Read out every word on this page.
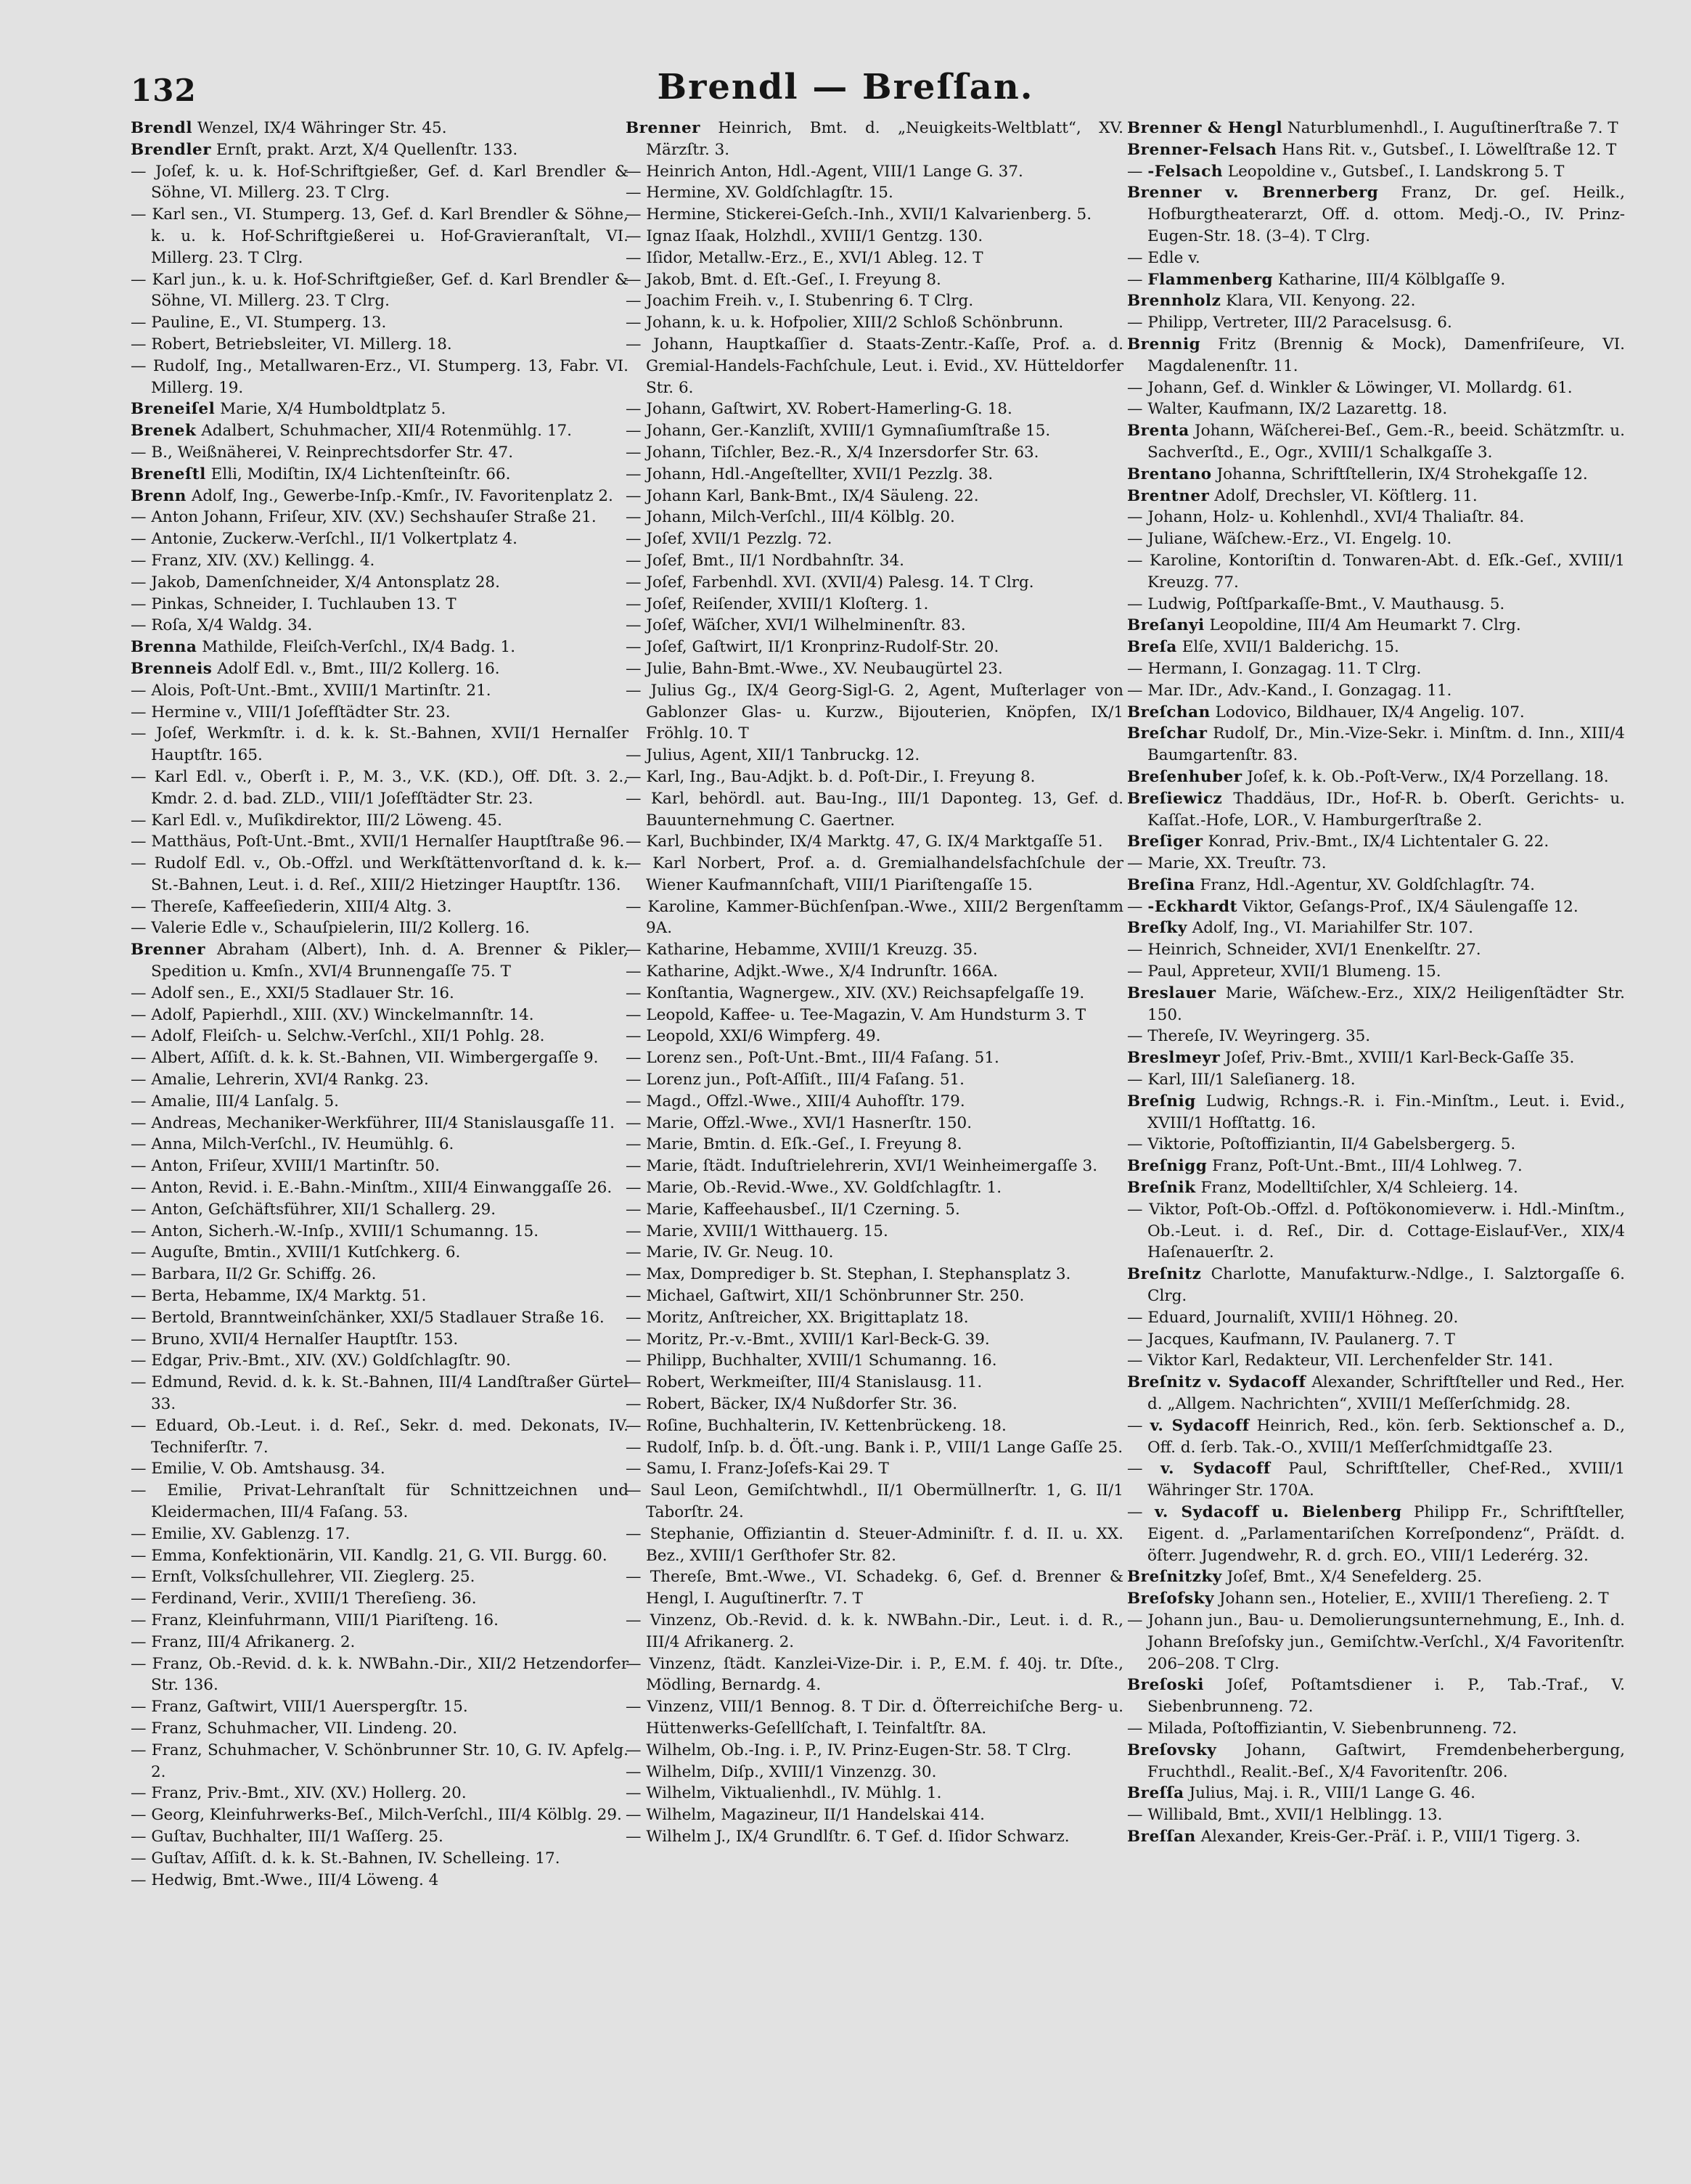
132	Brendl — Breſſan.

Brendl Wenzel, IX/4 Währinger Str. 45.

Brendler Ernſt, prakt. Arzt, X/4 Quellenſtr. 133.

— Joſef, k. u. k. Hof-Schriftgießer, Gef. d. Karl Brendler & Söhne, VI. Millerg. 23. T Clrg.

— Karl sen., VI. Stumperg. 13, Gef. d. Karl Brendler & Söhne, k. u. k. Hof-Schriftgießerei u. Hof-Gravieranſtalt, VI. Millerg. 23. T Clrg.

— Karl jun., k. u. k. Hof-Schriftgießer, Gef. d. Karl Brendler & Söhne, VI. Millerg. 23. T Clrg.

— Pauline, E., VI. Stumperg. 13.

— Robert, Betriebsleiter, VI. Millerg. 18.

— Rudolf, Ing., Metallwaren-Erz., VI. Stumperg. 13, Fabr. VI. Millerg. 19.

Breneiſel Marie, X/4 Humboldtplatz 5.

Brenek Adalbert, Schuhmacher, XII/4 Rotenmühlg. 17.

— B., Weißnäherei, V. Reinprechtsdorfer Str. 47.

Breneſtl Elli, Modiſtin, IX/4 Lichtenſteinſtr. 66.

Brenn Adolf, Ing., Gewerbe-Inſp.-Kmſr., IV. Favoritenplatz 2.

— Anton Johann, Friſeur, XIV. (XV.) Sechshauſer Straße 21.

— Antonie, Zuckerw.-Verſchl., II/1 Volkertplatz 4.

— Franz, XIV. (XV.) Kellingg. 4.

— Jakob, Damenſchneider, X/4 Antonsplatz 28.

— Pinkas, Schneider, I. Tuchlauben 13. T

— Roſa, X/4 Waldg. 34.

Brenna Mathilde, Fleiſch-Verſchl., IX/4 Badg. 1.

Brenneis Adolf Edl. v., Bmt., III/2 Kollerg. 16.

— Alois, Poſt-Unt.-Bmt., XVIII/1 Martinſtr. 21.

— Hermine v., VIII/1 Joſefſtädter Str. 23.

— Joſef, Werkmſtr. i. d. k. k. St.-Bahnen, XVII/1 Hernalſer Hauptſtr. 165.

— Karl Edl. v., Oberſt i. P., M. 3., V.K. (KD.), Off. Dſt. 3. 2., Kmdr. 2. d. bad. ZLD., VIII/1 Joſefſtädter Str. 23.

— Karl Edl. v., Muſikdirektor, III/2 Löweng. 45.

— Matthäus, Poſt-Unt.-Bmt., XVII/1 Hernalſer Hauptſtraße 96.

— Rudolf Edl. v., Ob.-Offzl. und Werkſtättenvorſtand d. k. k. St.-Bahnen, Leut. i. d. Reſ., XIII/2 Hietzinger Hauptſtr. 136.

— Thereſe, Kaffeeſiederin, XIII/4 Altg. 3.

— Valerie Edle v., Schauſpielerin, III/2 Kollerg. 16.

Brenner Abraham (Albert), Inh. d. A. Brenner & Pikler, Spedition u. Kmſn., XVI/4 Brunnengaſſe 75. T

— Adolf sen., E., XXI/5 Stadlauer Str. 16.

— Adolf, Papierhdl., XIII. (XV.) Winckelmannſtr. 14.

— Adolf, Fleiſch- u. Selchw.-Verſchl., XII/1 Pohlg. 28.

— Albert, Aſſiſt. d. k. k. St.-Bahnen, VII. Wimbergergaſſe 9.

— Amalie, Lehrerin, XVI/4 Rankg. 23.

— Amalie, III/4 Lanſalg. 5.

— Andreas, Mechaniker-Werkführer, III/4 Stanislausgaſſe 11.

— Anna, Milch-Verſchl., IV. Heumühlg. 6.

— Anton, Friſeur, XVIII/1 Martinſtr. 50.

— Anton, Revid. i. E.-Bahn.-Minſtm., XIII/4 Einwanggaſſe 26.

— Anton, Geſchäftsführer, XII/1 Schallerg. 29.

— Anton, Sicherh.-W.-Inſp., XVIII/1 Schumanng. 15.

— Auguſte, Bmtin., XVIII/1 Kutſchkerg. 6.

— Barbara, II/2 Gr. Schiffg. 26.

— Berta, Hebamme, IX/4 Marktg. 51.

— Bertold, Branntweinſchänker, XXI/5 Stadlauer Straße 16.

— Bruno, XVII/4 Hernalſer Hauptſtr. 153.

— Edgar, Priv.-Bmt., XIV. (XV.) Goldſchlagſtr. 90.

— Edmund, Revid. d. k. k. St.-Bahnen, III/4 Landſtraßer Gürtel 33.

— Eduard, Ob.-Leut. i. d. Reſ., Sekr. d. med. Dekonats, IV. Techniferſtr. 7.

— Emilie, V. Ob. Amtshausg. 34.

— Emilie, Privat-Lehranſtalt für Schnittzeichnen und Kleidermachen, III/4 Faſang. 53.

— Emilie, XV. Gablenzg. 17.

— Emma, Konfektionärin, VII. Kandlg. 21, G. VII. Burgg. 60.

— Ernſt, Volksſchullehrer, VII. Zieglerg. 25.

— Ferdinand, Verir., XVIII/1 Thereſieng. 36.

— Franz, Kleinfuhrmann, VIII/1 Piariſteng. 16.

— Franz, III/4 Afrikanerg. 2.

— Franz, Ob.-Revid. d. k. k. NWBahn.-Dir., XII/2 Hetzendorfer Str. 136.

— Franz, Gaſtwirt, VIII/1 Auerspergſtr. 15.

— Franz, Schuhmacher, VII. Lindeng. 20.

— Franz, Schuhmacher, V. Schönbrunner Str. 10, G. IV. Apfelg. 2.

— Franz, Priv.-Bmt., XIV. (XV.) Hollerg. 20.

— Georg, Kleinfuhrwerks-Beſ., Milch-Verſchl., III/4 Kölblg. 29.

— Guſtav, Buchhalter, III/1 Waſſerg. 25.

— Guſtav, Aſſiſt. d. k. k. St.-Bahnen, IV. Schelleing. 17.

— Hedwig, Bmt.-Wwe., III/4 Löweng. 4

Brenner Heinrich, Bmt. d. „Neuigkeits-Weltblatt“, XV. Märzſtr. 3.

— Heinrich Anton, Hdl.-Agent, VIII/1 Lange G. 37.

— Hermine, XV. Goldſchlagſtr. 15.

— Hermine, Stickerei-Geſch.-Inh., XVII/1 Kalvarienberg. 5.

— Ignaz Iſaak, Holzhdl., XVIII/1 Gentzg. 130.

— Iſidor, Metallw.-Erz., E., XVI/1 Ableg. 12. T

— Jakob, Bmt. d. Eſt.-Geſ., I. Freyung 8.

— Joachim Freih. v., I. Stubenring 6. T Clrg.

— Johann, k. u. k. Hofpolier, XIII/2 Schloß Schönbrunn.

— Johann, Hauptkaſſier d. Staats-Zentr.-Kaſſe, Prof. a. d. Gremial-Handels-Fachſchule, Leut. i. Evid., XV. Hütteldorfer Str. 6.

— Johann, Gaſtwirt, XV. Robert-Hamerling-G. 18.

— Johann, Ger.-Kanzliſt, XVIII/1 Gymnaſiumſtraße 15.

— Johann, Tiſchler, Bez.-R., X/4 Inzersdorfer Str. 63.

— Johann, Hdl.-Angeſtellter, XVII/1 Pezzlg. 38.

— Johann Karl, Bank-Bmt., IX/4 Säuleng. 22.

— Johann, Milch-Verſchl., III/4 Kölblg. 20.

— Joſef, XVII/1 Pezzlg. 72.

— Joſef, Bmt., II/1 Nordbahnſtr. 34.

— Joſef, Farbenhdl. XVI. (XVII/4) Palesg. 14. T Clrg.

— Joſef, Reiſender, XVIII/1 Kloſterg. 1.

— Joſef, Wäſcher, XVI/1 Wilhelminenſtr. 83.

— Joſef, Gaſtwirt, II/1 Kronprinz-Rudolf-Str. 20.

— Julie, Bahn-Bmt.-Wwe., XV. Neubaugürtel 23.

— Julius Gg., IX/4 Georg-Sigl-G. 2, Agent, Muſterlager von Gablonzer Glas- u. Kurzw., Bijouterien, Knöpfen, IX/1 Fröhlg. 10. T

— Julius, Agent, XII/1 Tanbruckg. 12.

— Karl, Ing., Bau-Adjkt. b. d. Poſt-Dir., I. Freyung 8.

— Karl, behördl. aut. Bau-Ing., III/1 Daponteg. 13, Gef. d. Bauunternehmung C. Gaertner.

— Karl, Buchbinder, IX/4 Marktg. 47, G. IX/4 Marktgaſſe 51.

— Karl Norbert, Prof. a. d. Gremialhandelsfachſchule der Wiener Kaufmannſchaft, VIII/1 Piariſtengaſſe 15.

— Karoline, Kammer-Büchſenſpan.-Wwe., XIII/2 Bergenſtamm 9A.

— Katharine, Hebamme, XVIII/1 Kreuzg. 35.

— Katharine, Adjkt.-Wwe., X/4 Indrunſtr. 166A.

— Konſtantia, Wagnergew., XIV. (XV.) Reichsapfelgaſſe 19.

— Leopold, Kaffee- u. Tee-Magazin, V. Am Hundsturm 3. T

— Leopold, XXI/6 Wimpferg. 49.

— Lorenz sen., Poſt-Unt.-Bmt., III/4 Faſang. 51.

— Lorenz jun., Poſt-Aſſiſt., III/4 Faſang. 51.

— Magd., Offzl.-Wwe., XIII/4 Auhofſtr. 179.

— Marie, Offzl.-Wwe., XVI/1 Hasnerſtr. 150.

— Marie, Bmtin. d. Eſk.-Geſ., I. Freyung 8.

— Marie, ſtädt. Induſtrielehrerin, XVI/1 Weinheimergaſſe 3.

— Marie, Ob.-Revid.-Wwe., XV. Goldſchlagſtr. 1.

— Marie, Kaffeehausbeſ., II/1 Czerning. 5.

— Marie, XVIII/1 Witthauerg. 15.

— Marie, IV. Gr. Neug. 10.

— Max, Domprediger b. St. Stephan, I. Stephansplatz 3.

— Michael, Gaſtwirt, XII/1 Schönbrunner Str. 250.

— Moritz, Anſtreicher, XX. Brigittaplatz 18.

— Moritz, Pr.-v.-Bmt., XVIII/1 Karl-Beck-G. 39.

— Philipp, Buchhalter, XVIII/1 Schumanng. 16.

— Robert, Werkmeiſter, III/4 Stanislausg. 11.

— Robert, Bäcker, IX/4 Nußdorfer Str. 36.

— Roſine, Buchhalterin, IV. Kettenbrückeng. 18.

— Rudolf, Inſp. b. d. Öſt.-ung. Bank i. P., VIII/1 Lange Gaſſe 25.

— Samu, I. Franz-Joſefs-Kai 29. T

— Saul Leon, Gemiſchtwhdl., II/1 Obermüllnerſtr. 1, G. II/1 Taborſtr. 24.

— Stephanie, Offiziantin d. Steuer-Adminiſtr. f. d. II. u. XX. Bez., XVIII/1 Gerſthofer Str. 82.

— Thereſe, Bmt.-Wwe., VI. Schadekg. 6, Gef. d. Brenner & Hengl, I. Auguſtinerſtr. 7. T

— Vinzenz, Ob.-Revid. d. k. k. NWBahn.-Dir., Leut. i. d. R., III/4 Afrikanerg. 2.

— Vinzenz, ſtädt. Kanzlei-Vize-Dir. i. P., E.M. f. 40j. tr. Dſte., Mödling, Bernardg. 4.

— Vinzenz, VIII/1 Bennog. 8. T Dir. d. Öſterreichiſche Berg- u. Hüttenwerks-Geſellſchaft, I. Teinfaltſtr. 8A.

— Wilhelm, Ob.-Ing. i. P., IV. Prinz-Eugen-Str. 58. T Clrg.

— Wilhelm, Diſp., XVIII/1 Vinzenzg. 30.

— Wilhelm, Viktualienhdl., IV. Mühlg. 1.

— Wilhelm, Magazineur, II/1 Handelskai 414.

— Wilhelm J., IX/4 Grundlſtr. 6. T Gef. d. Iſidor Schwarz.

Brenner & Hengl Naturblumenhdl., I. Auguſtinerſtraße 7. T

Brenner-Felsach Hans Rit. v., Gutsbeſ., I. Löwelſtraße 12. T

— -Felsach Leopoldine v., Gutsbeſ., I. Landskrong 5. T

Brenner v. Brennerberg Franz, Dr. geſ. Heilk., Hofburgtheaterarzt, Off. d. ottom. Medj.-O., IV. Prinz-Eugen-Str. 18. (3–4). T Clrg.

— Edle v.

— Flammenberg Katharine, III/4 Kölblgaſſe 9.

Brennholz Klara, VII. Kenyong. 22.

— Philipp, Vertreter, III/2 Paracelsusg. 6.

Brennig Fritz (Brennig & Mock), Damenfriſeure, VI. Magdalenenſtr. 11.

— Johann, Gef. d. Winkler & Löwinger, VI. Mollardg. 61.

— Walter, Kaufmann, IX/2 Lazarettg. 18.

Brenta Johann, Wäſcherei-Beſ., Gem.-R., beeid. Schätzmſtr. u. Sachverſtd., E., Ogr., XVIII/1 Schalkgaſſe 3.

Brentano Johanna, Schriftſtellerin, IX/4 Strohekgaſſe 12.

Brentner Adolf, Drechsler, VI. Köſtlerg. 11.

— Johann, Holz- u. Kohlenhdl., XVI/4 Thaliaſtr. 84.

— Juliane, Wäſchew.-Erz., VI. Engelg. 10.

— Karoline, Kontoriſtin d. Tonwaren-Abt. d. Eſk.-Geſ., XVIII/1 Kreuzg. 77.

— Ludwig, Poſtſparkaſſe-Bmt., V. Mauthausg. 5.

Breſanyi Leopoldine, III/4 Am Heumarkt 7. Clrg.

Breſa Elſe, XVII/1 Balderichg. 15.

— Hermann, I. Gonzagag. 11. T Clrg.

— Mar. IDr., Adv.-Kand., I. Gonzagag. 11.

Breſchan Lodovico, Bildhauer, IX/4 Angelig. 107.

Breſchar Rudolf, Dr., Min.-Vize-Sekr. i. Minſtm. d. Inn., XIII/4 Baumgartenſtr. 83.

Breſenhuber Joſef, k. k. Ob.-Poſt-Verw., IX/4 Porzellang. 18.

Breſiewicz Thaddäus, IDr., Hof-R. b. Oberſt. Gerichts- u. Kaſſat.-Hofe, LOR., V. Hamburgerſtraße 2.

Breſiger Konrad, Priv.-Bmt., IX/4 Lichtentaler G. 22.

— Marie, XX. Treuſtr. 73.

Breſina Franz, Hdl.-Agentur, XV. Goldſchlagſtr. 74.

— -Eckhardt Viktor, Geſangs-Prof., IX/4 Säulengaſſe 12.

Breſky Adolf, Ing., VI. Mariahilfer Str. 107.

— Heinrich, Schneider, XVI/1 Enenkelſtr. 27.

— Paul, Appreteur, XVII/1 Blumeng. 15.

Breslauer Marie, Wäſchew.-Erz., XIX/2 Heiligenſtädter Str. 150.

— Thereſe, IV. Weyringerg. 35.

Breslmeyr Joſef, Priv.-Bmt., XVIII/1 Karl-Beck-Gaſſe 35.

— Karl, III/1 Saleſianerg. 18.

Breſnig Ludwig, Rchngs.-R. i. Fin.-Minſtm., Leut. i. Evid., XVIII/1 Hofſtattg. 16.

— Viktorie, Poſtoffiziantin, II/4 Gabelsbergerg. 5.

Breſnigg Franz, Poſt-Unt.-Bmt., III/4 Lohlweg. 7.

Breſnik Franz, Modelltiſchler, X/4 Schleierg. 14.

— Viktor, Poſt-Ob.-Offzl. d. Poſtökonomieverw. i. Hdl.-Minſtm., Ob.-Leut. i. d. Reſ., Dir. d. Cottage-Eislauf-Ver., XIX/4 Haſenauerſtr. 2.

Breſnitz Charlotte, Manufakturw.-Ndlge., I. Salztorgaſſe 6. Clrg.

— Eduard, Journaliſt, XVIII/1 Höhneg. 20.

— Jacques, Kaufmann, IV. Paulanerg. 7. T

— Viktor Karl, Redakteur, VII. Lerchenfelder Str. 141.

Breſnitz v. Sydacoff Alexander, Schriftſteller und Red., Her. d. „Allgem. Nachrichten“, XVIII/1 Meſſerſchmidg. 28.

— v. Sydacoff Heinrich, Red., kön. ſerb. Sektionschef a. D., Off. d. ſerb. Tak.-O., XVIII/1 Meſſerſchmidtgaſſe 23.

— v. Sydacoff Paul, Schriftſteller, Chef-Red., XVIII/1 Währinger Str. 170A.

— v. Sydacoff u. Bielenberg Philipp Fr., Schriftſteller, Eigent. d. „Parlamentariſchen Korreſpondenz“, Präſdt. d. öſterr. Jugendwehr, R. d. grch. EO., VIII/1 Lederérg. 32.

Breſnitzky Joſef, Bmt., X/4 Senefelderg. 25.

Breſofsky Johann sen., Hotelier, E., XVIII/1 Thereſieng. 2. T

— Johann jun., Bau- u. Demolierungsunternehmung, E., Inh. d. Johann Breſofsky jun., Gemiſchtw.-Verſchl., X/4 Favoritenſtr. 206–208. T Clrg.

Breſoski Joſef, Poſtamtsdiener i. P., Tab.-Traf., V. Siebenbrunneng. 72.

— Milada, Poſtoffiziantin, V. Siebenbrunneng. 72.

Breſovsky Johann, Gaſtwirt, Fremdenbeherbergung, Fruchthdl., Realit.-Beſ., X/4 Favoritenſtr. 206.

Breſſa Julius, Maj. i. R., VIII/1 Lange G. 46.

— Willibald, Bmt., XVII/1 Helblingg. 13.

Breſſan Alexander, Kreis-Ger.-Präſ. i. P., VIII/1 Tigerg. 3.
